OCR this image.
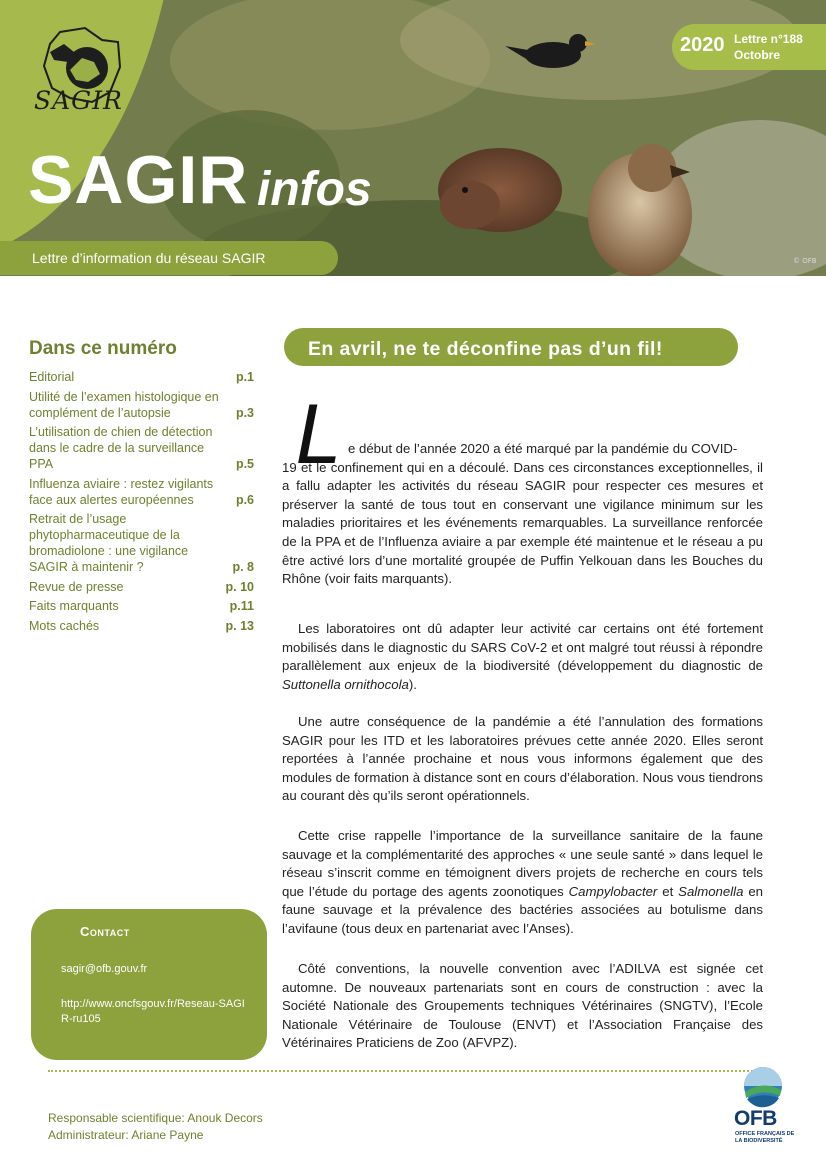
SAGIR
SAGIR infos
Lettre d’information du réseau SAGIR
2020 Lettre n°188
Octobre
© OFB
Dans ce numéro
Editorial	p.1
Utilité de l’examen histologique en complément de l’autopsie	p.3
L’utilisation de chien de détection dans le cadre de la surveillance PPA	p.5
Influenza aviaire : restez vigilants face aux alertes européennes	p.6
Retrait de l’usage phytopharmaceutique de la bromadiolone : une vigilance SAGIR à maintenir ?	p. 8
Revue de presse	p. 10
Faits marquants	p.11
Mots cachés	p. 13
Contact
sagir@ofb.gouv.fr
http://www.oncfsgouv.fr/Reseau-SAGIR-ru105
En avril, ne te déconfine pas d’un fil!
L e début de l’année 2020 a été marqué par la pandémie du COVID-
19 et le confinement qui en a découlé. Dans ces circonstances exceptionnelles, il a fallu adapter les activités du réseau SAGIR pour respecter ces mesures et préserver la santé de tous tout en conservant une vigilance minimum sur les maladies prioritaires et les événements remarquables. La surveillance renforcée de la PPA et de l’Influenza aviaire a par exemple été maintenue et le réseau a pu être activé lors d’une mortalité groupée de Puffin Yelkouan dans les Bouches du Rhône (voir faits marquants).

Les laboratoires ont dû adapter leur activité car certains ont été fortement mobilisés dans le diagnostic du SARS CoV-2 et ont malgré tout réussi à répondre parallèlement aux enjeux de la biodiversité (développement du diagnostic de Suttonella ornithocola).

Une autre conséquence de la pandémie a été l’annulation des formations SAGIR pour les ITD et les laboratoires prévues cette année 2020. Elles seront reportées à l’année prochaine et nous vous informons également que des modules de formation à distance sont en cours d’élaboration. Nous vous tiendrons au courant dès qu’ils seront opérationnels.

Cette crise rappelle l’importance de la surveillance sanitaire de la faune sauvage et la complémentarité des approches « une seule santé » dans lequel le réseau s’inscrit comme en témoignent divers projets de recherche en cours tels que l’étude du portage des agents zoonotiques Campylobacter et Salmonella en faune sauvage et la prévalence des bactéries associées au botulisme dans l’avifaune (tous deux en partenariat avec l’Anses).

Côté conventions, la nouvelle convention avec l’ADILVA est signée cet automne. De nouveaux partenariats sont en cours de construction : avec la Société Nationale des Groupements techniques Vétérinaires (SNGTV), l’Ecole Nationale Vétérinaire de Toulouse (ENVT) et l’Association Française des Vétérinaires Praticiens de Zoo (AFVPZ).

Responsable scientifique: Anouk Decors
Administrateur: Ariane Payne
OFB
OFFICE FRANÇAIS DE LA BIODIVERSITÉ
